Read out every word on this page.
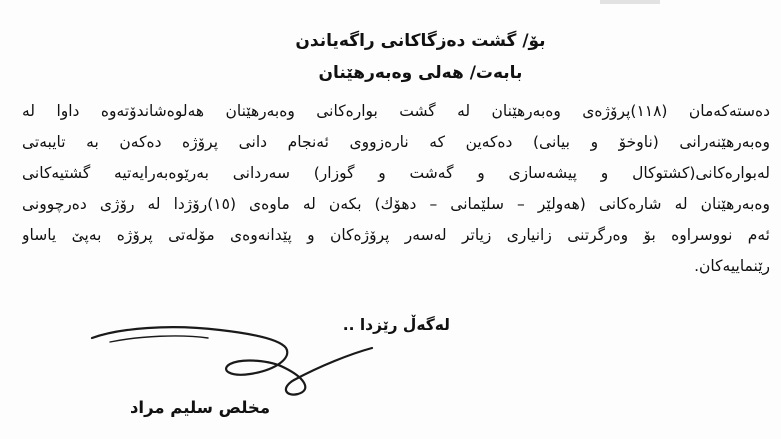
بۆ/ گشت دەزگاكانی راگەیاندن
بابەت/ هەلی وەبەرهێنان
دەستەكەمان (١١٨)پرۆژەی وەبەرهێنان لە گشت بوارەكانی وەبەرهێنان هەلوەشاندۆتەوە داوا لە
وەبەرهێنەرانی (ناوخۆ و بیانی) دەكەین كە نارەزووی ئەنجام دانی پرۆژە دەكەن بە تایبەتی
لەبوارەكانی(كشتوكال و پیشەسازی و گەشت و گوزار) سەردانی بەرێوەبەرایەتیە گشتیەكانی
وەبەرهێنان لە شارەكانی (هەولێر – سلێمانی – دهۆك) بكەن لە ماوەی (١٥)رۆژدا لە رۆژی دەرچوونی
ئەم نووسراوە بۆ وەرگرتنی زانیاری زیاتر لەسەر پرۆژەكان و پێدانەوەی مۆلەتی پرۆژە بەپێ یاساو
رێنماییەكان.
لەگەڵ رێزدا ..
مخلص سلیم مراد
